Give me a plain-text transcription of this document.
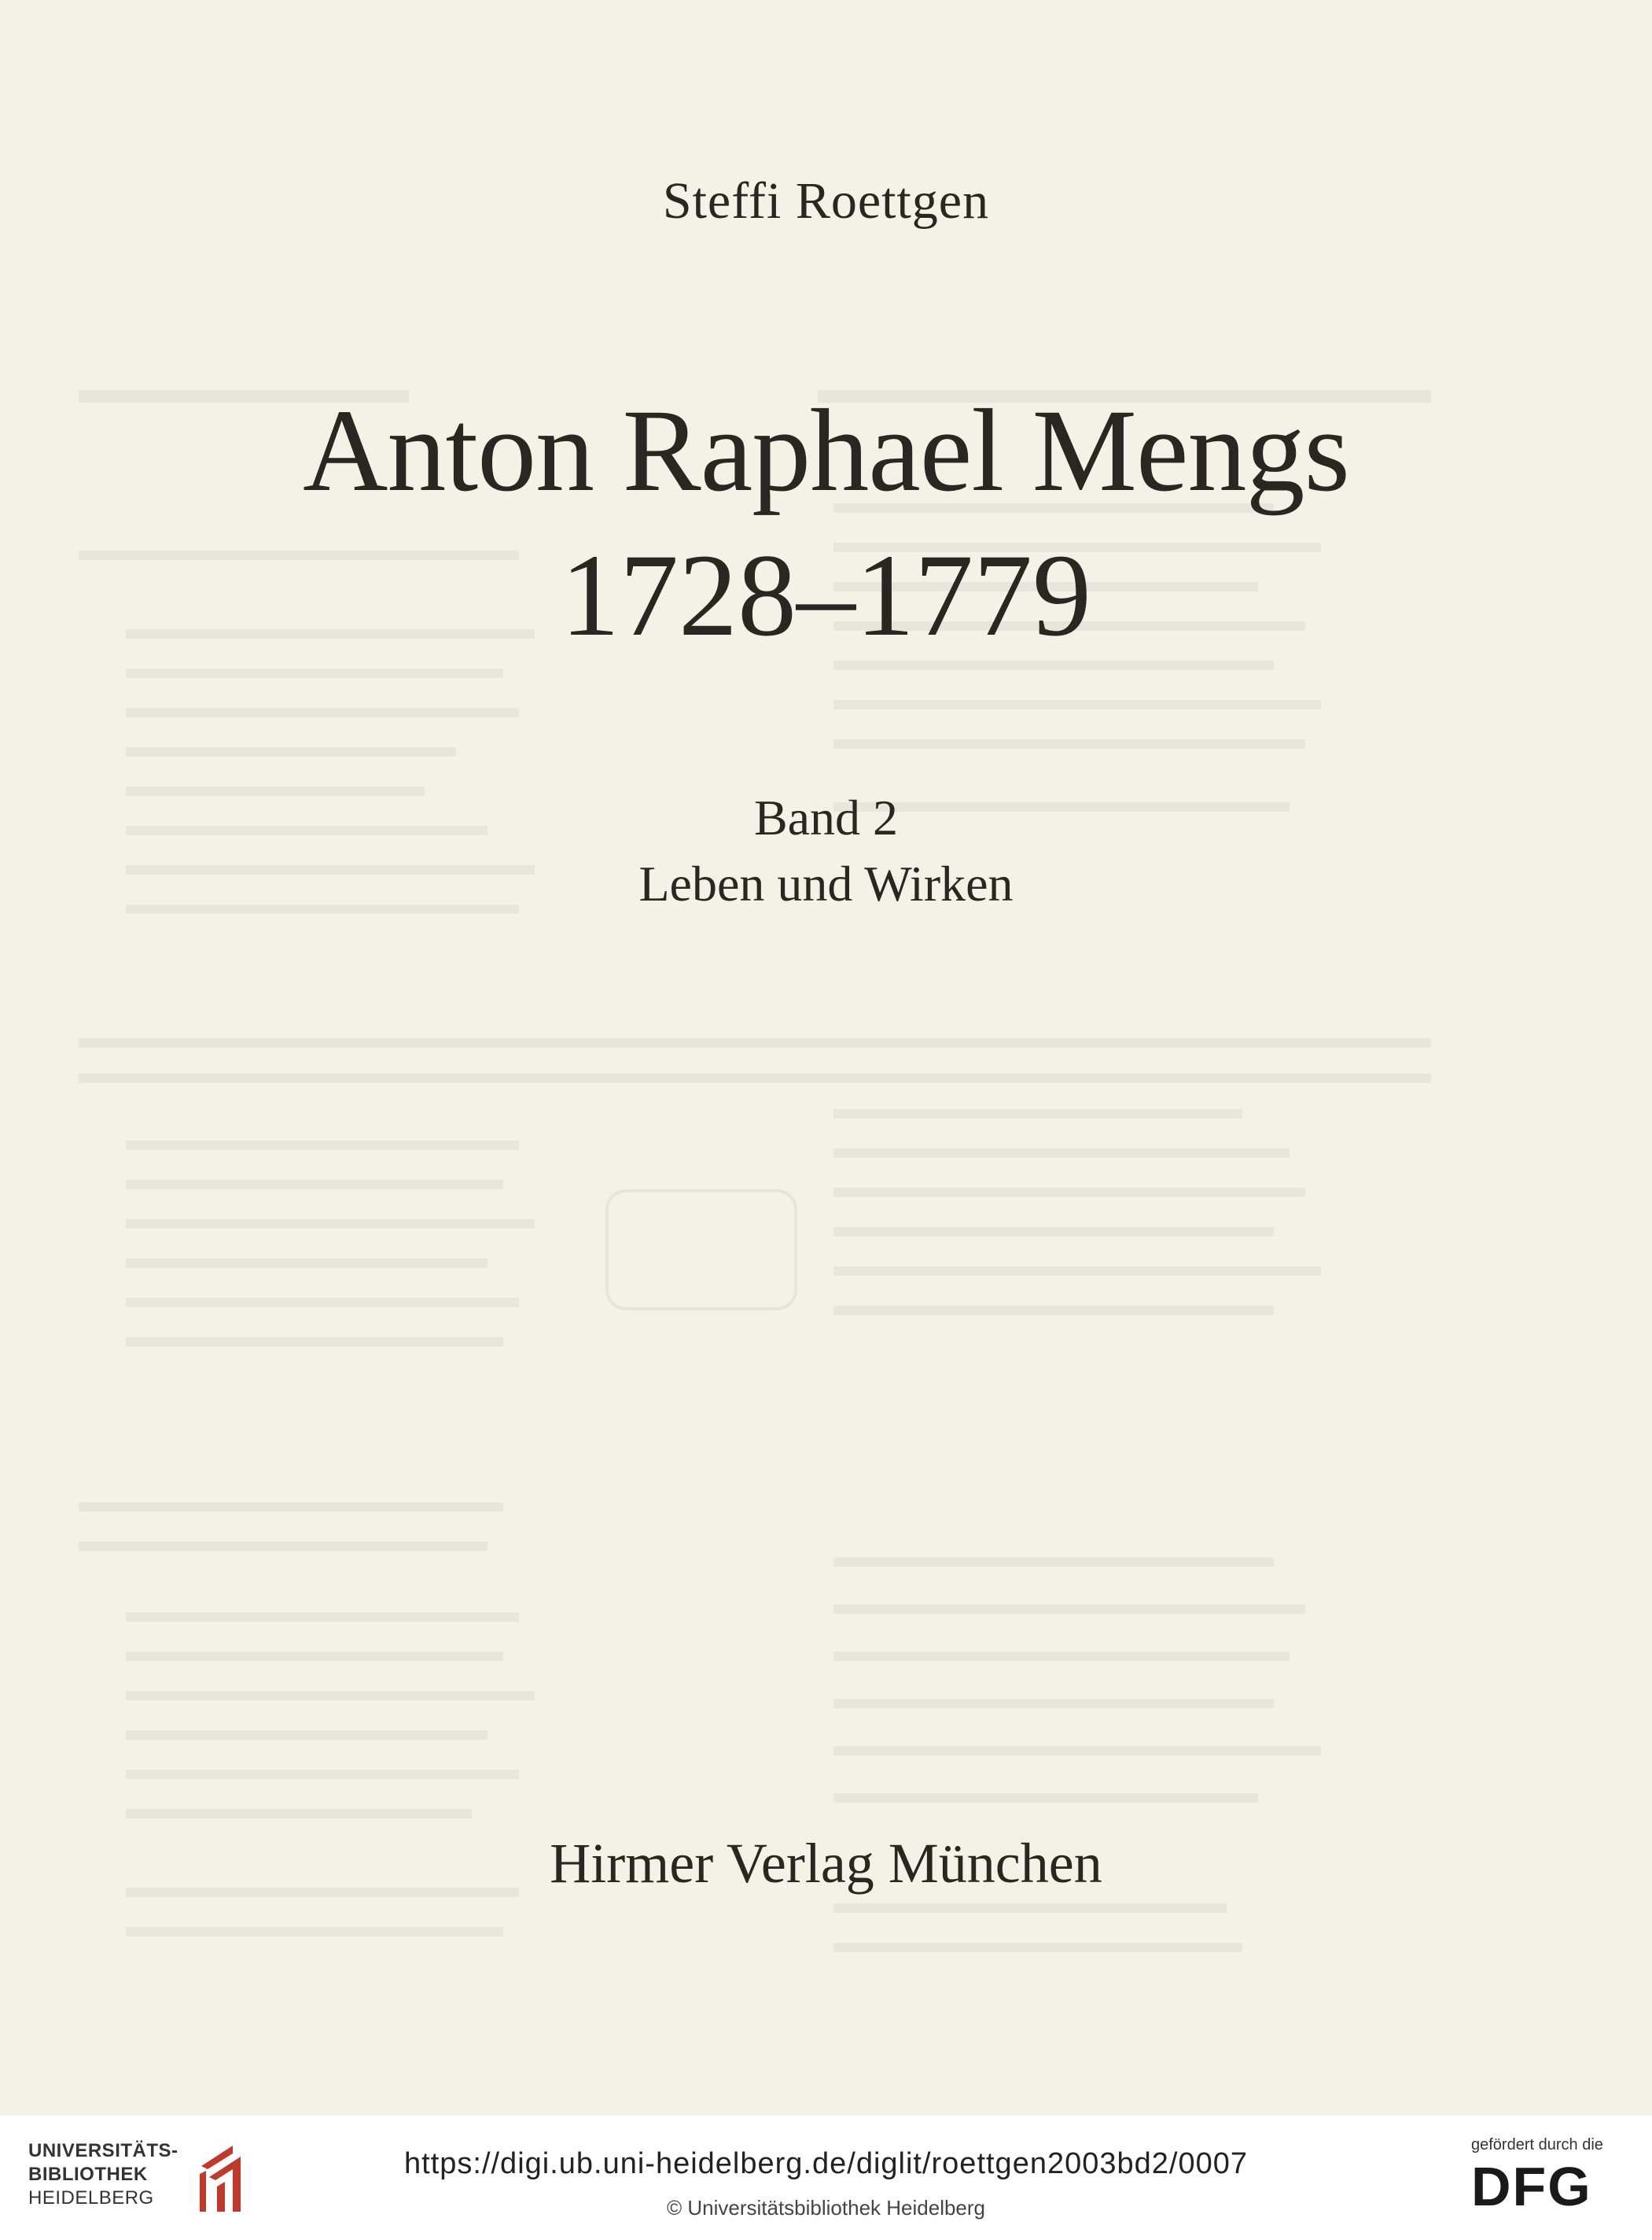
Steffi Roettgen
Anton Raphael Mengs
1728–1779
Band 2
Leben und Wirken
Hirmer Verlag München
UNIVERSITÄTS-
BIBLIOTHEK
HEIDELBERG
https://digi.ub.uni-heidelberg.de/diglit/roettgen2003bd2/0007
© Universitätsbibliothek Heidelberg
gefördert durch die
DFG
